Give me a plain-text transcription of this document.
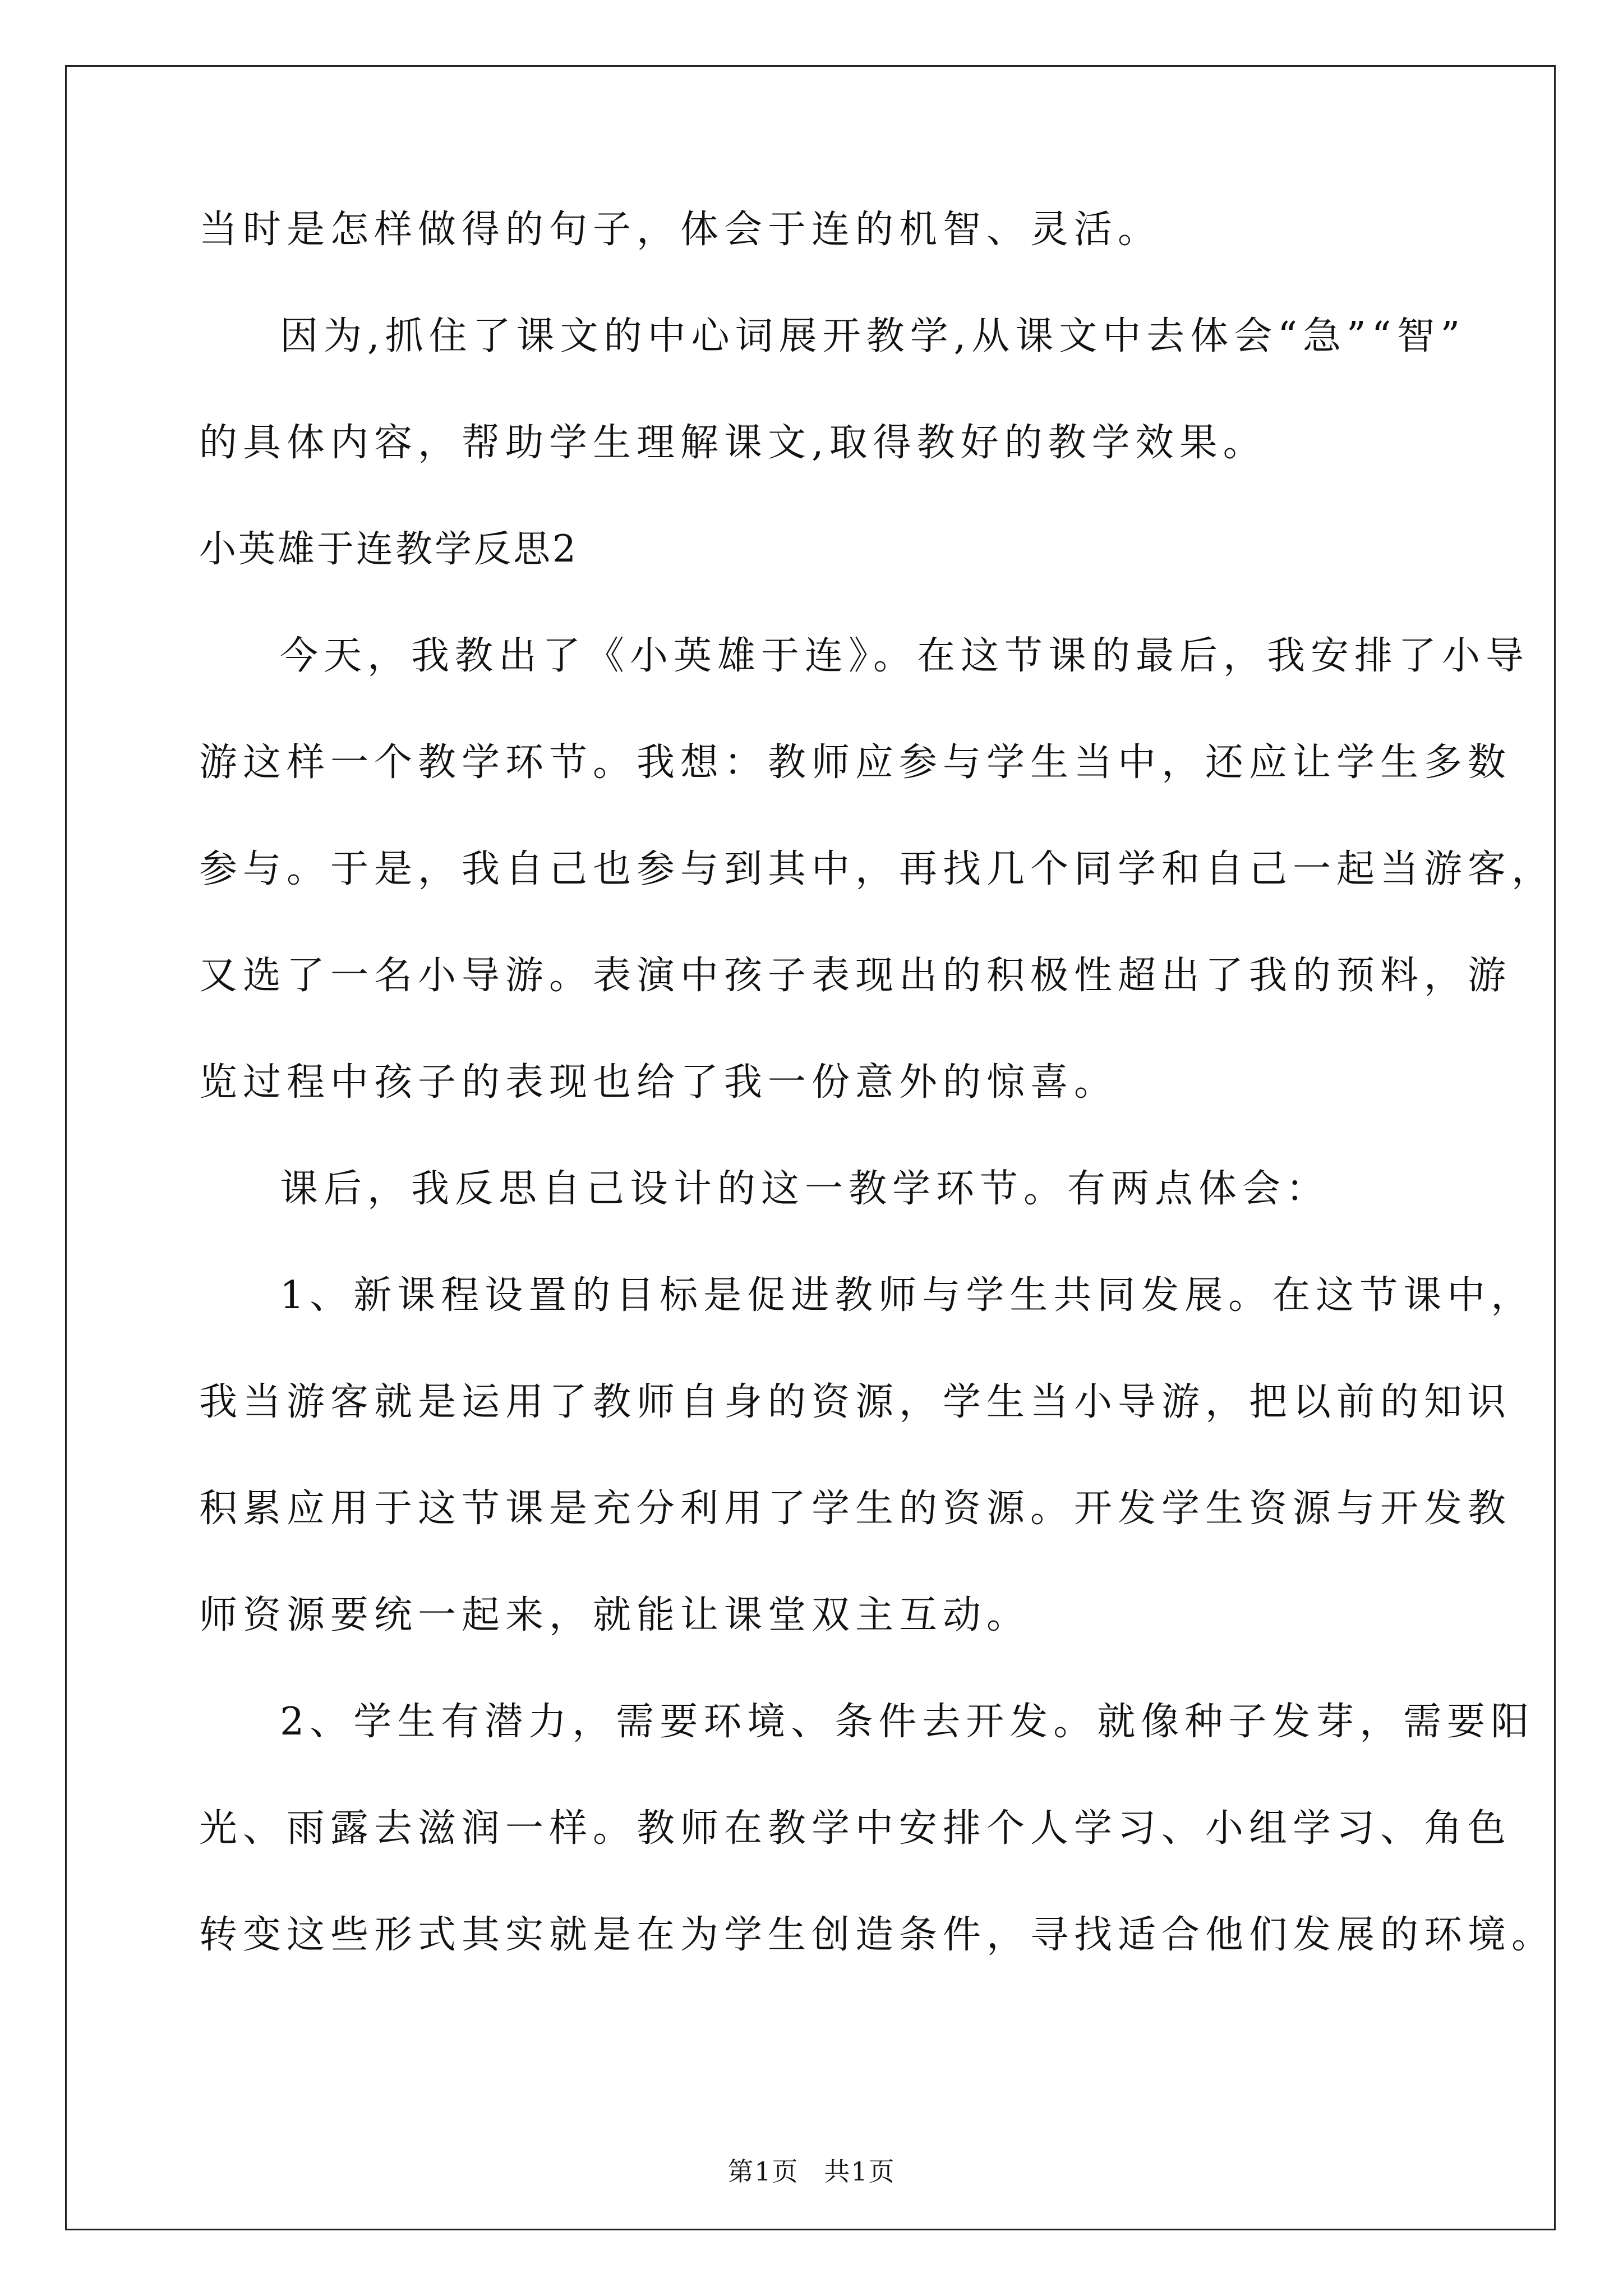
当时是怎样做得的句子，体会于连的机智、灵活。
因为,抓住了课文的中心词展开教学,从课文中去体会“急”“智”
的具体内容，帮助学生理解课文,取得教好的教学效果。
小英雄于连教学反思2
今天，我教出了《小英雄于连》。在这节课的最后，我安排了小导
游这样一个教学环节。我想：教师应参与学生当中，还应让学生多数
参与。于是，我自己也参与到其中，再找几个同学和自己一起当游客，
又选了一名小导游。表演中孩子表现出的积极性超出了我的预料，游
览过程中孩子的表现也给了我一份意外的惊喜。
课后，我反思自己设计的这一教学环节。有两点体会：
1、新课程设置的目标是促进教师与学生共同发展。在这节课中，
我当游客就是运用了教师自身的资源，学生当小导游，把以前的知识
积累应用于这节课是充分利用了学生的资源。开发学生资源与开发教
师资源要统一起来，就能让课堂双主互动。
2、学生有潜力，需要环境、条件去开发。就像种子发芽，需要阳
光、雨露去滋润一样。教师在教学中安排个人学习、小组学习、角色
转变这些形式其实就是在为学生创造条件，寻找适合他们发展的环境。
第1页 共1页
